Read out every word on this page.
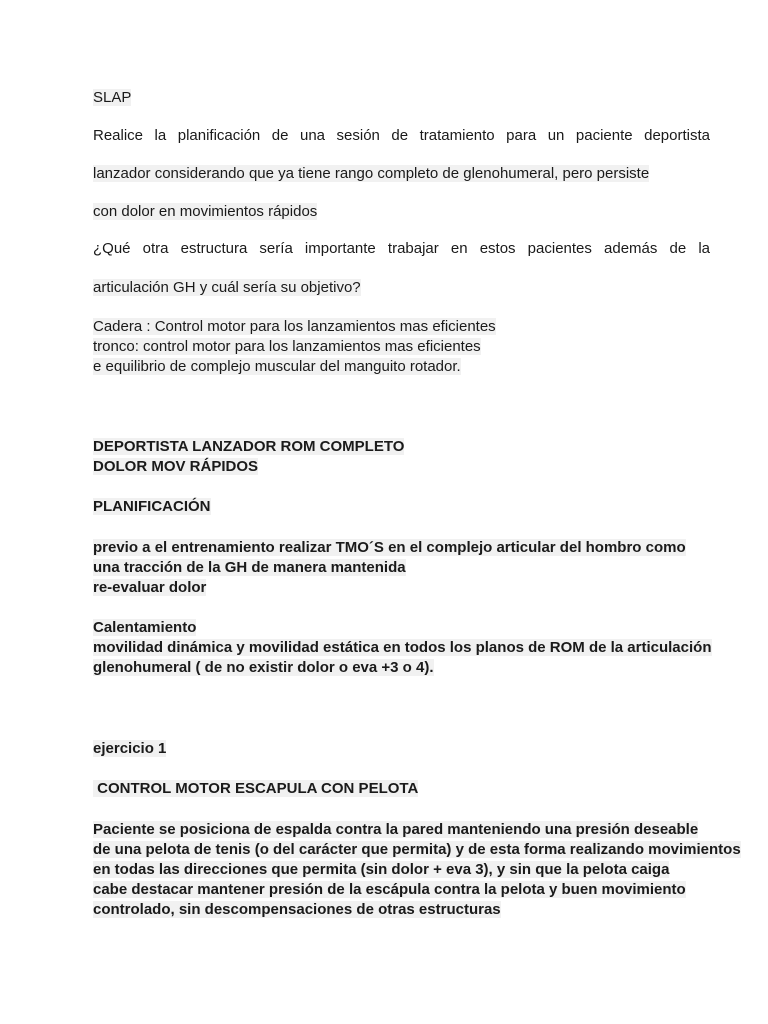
SLAP

Realice la planificación de una sesión de tratamiento para un paciente deportista

lanzador considerando que ya tiene rango completo de glenohumeral, pero persiste

con dolor en movimientos rápidos

¿Qué otra estructura sería importante trabajar en estos pacientes además de la

articulación GH y cuál sería su objetivo?

Cadera : Control motor para los lanzamientos mas eficientes

tronco: control motor para los lanzamientos mas eficientes

e equilibrio de complejo muscular del manguito rotador.

DEPORTISTA LANZADOR ROM COMPLETO

DOLOR MOV RÁPIDOS

PLANIFICACIÓN

previo a el entrenamiento realizar TMO´S en el complejo articular del hombro como

una tracción de la GH de manera mantenida

re-evaluar dolor

Calentamiento

movilidad dinámica y movilidad estática en todos los planos de ROM de la articulación

glenohumeral ( de no existir dolor o eva +3 o 4).

ejercicio 1

CONTROL MOTOR ESCAPULA CON PELOTA

Paciente se posiciona de espalda contra la pared manteniendo una presión deseable

de una pelota de tenis (o del carácter que permita) y de esta forma realizando movimientos

en todas las direcciones que permita (sin dolor + eva 3), y sin que la pelota caiga

cabe destacar mantener presión de la escápula contra la pelota y buen movimiento

controlado, sin descompensaciones de otras estructuras
